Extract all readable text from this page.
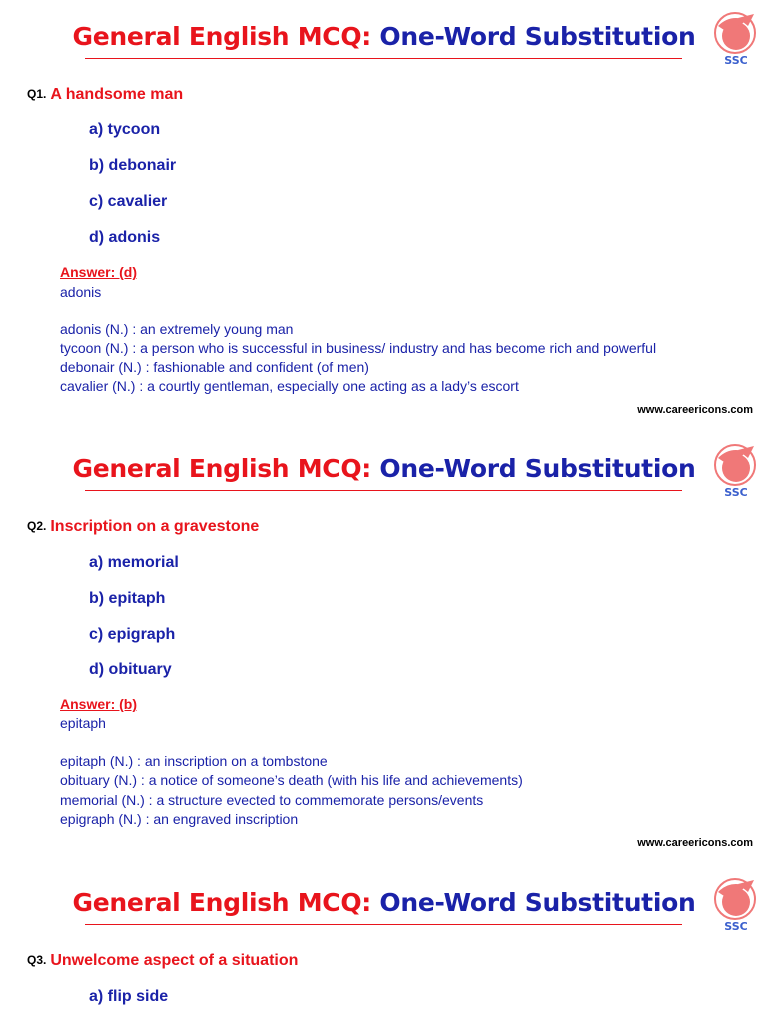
General English MCQ: One-Word Substitution
SSC
Q1. A handsome man
a) tycoon
b) debonair
c) cavalier
d) adonis
Answer: (d)
adonis
adonis (N.) : an extremely young man
tycoon (N.) : a person who is successful in business/ industry and has become rich and powerful
debonair (N.) : fashionable and confident (of men)
cavalier (N.) : a courtly gentleman, especially one acting as a lady’s escort
www.careericons.com
General English MCQ: One-Word Substitution
SSC
Q2. Inscription on a gravestone
a) memorial
b) epitaph
c) epigraph
d) obituary
Answer: (b)
epitaph
epitaph (N.) : an inscription on a tombstone
obituary (N.) : a notice of someone’s death (with his life and achievements)
memorial (N.) : a structure evected to commemorate persons/events
epigraph (N.) : an engraved inscription
www.careericons.com
General English MCQ: One-Word Substitution
SSC
Q3. Unwelcome aspect of a situation
a) flip side
